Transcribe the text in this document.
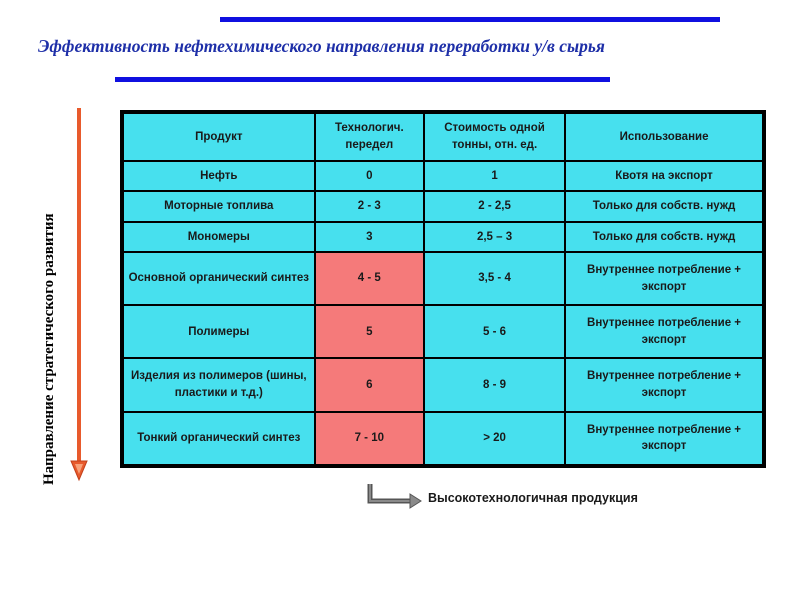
Эффективность нефтехимического направления переработки у/в сырья
Направление стратегического развития
Продукт	Технологич. передел	Стоимость одной тонны, отн. ед.	Использование
Нефть	0	1	Квотя на экспорт
Моторные топлива	2 - 3	2 - 2,5	Только для собств. нужд
Мономеры	3	2,5 – 3	Только для собств. нужд
Основной органический синтез	4 - 5	3,5 - 4	Внутреннее потребление + экспорт
Полимеры	5	5 - 6	Внутреннее потребление + экспорт
Изделия из полимеров (шины, пластики и т.д.)	6	8 - 9	Внутреннее потребление + экспорт
Тонкий органический синтез	7 - 10	> 20	Внутреннее потребление + экспорт
Высокотехнологичная продукция
